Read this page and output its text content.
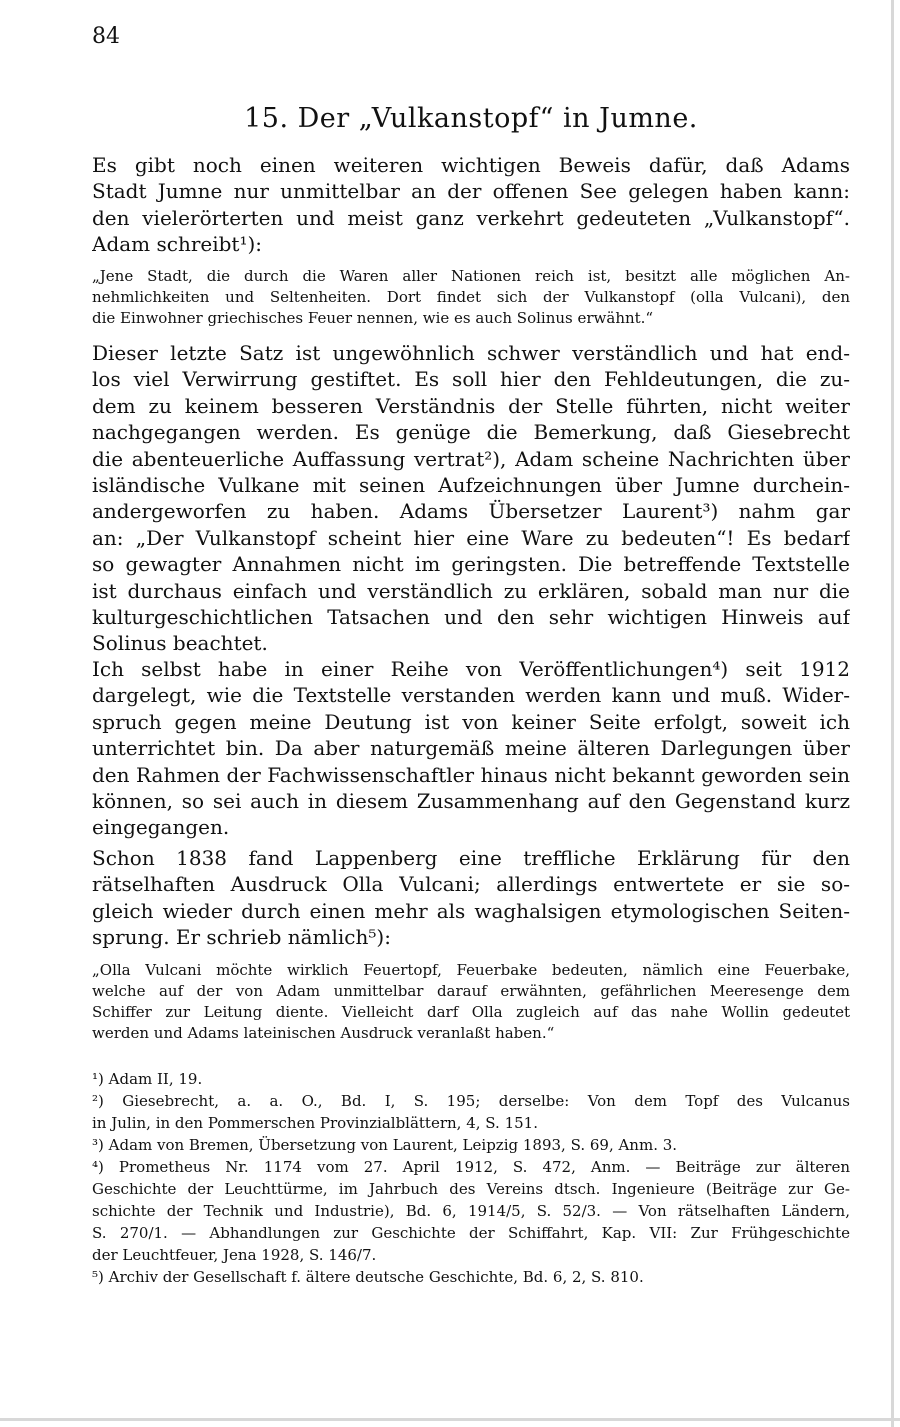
84
15. Der „Vulkanstopf“ in Jumne.
Es gibt noch einen weiteren wichtigen Beweis dafür, daß Adams
Stadt Jumne nur unmittelbar an der offenen See gelegen haben kann:
den vielerörterten und meist ganz verkehrt gedeuteten „Vulkanstopf“.
Adam schreibt¹):
„Jene Stadt, die durch die Waren aller Nationen reich ist, besitzt alle möglichen An-
nehmlichkeiten und Seltenheiten. Dort findet sich der Vulkanstopf (olla Vulcani), den
die Einwohner griechisches Feuer nennen, wie es auch Solinus erwähnt.“
Dieser letzte Satz ist ungewöhnlich schwer verständlich und hat end-
los viel Verwirrung gestiftet. Es soll hier den Fehldeutungen, die zu-
dem zu keinem besseren Verständnis der Stelle führten, nicht weiter
nachgegangen werden. Es genüge die Bemerkung, daß Giesebrecht
die abenteuerliche Auffassung vertrat²), Adam scheine Nachrichten über
isländische Vulkane mit seinen Aufzeichnungen über Jumne durchein-
andergeworfen zu haben. Adams Übersetzer Laurent³) nahm gar
an: „Der Vulkanstopf scheint hier eine Ware zu bedeuten“! Es bedarf
so gewagter Annahmen nicht im geringsten. Die betreffende Textstelle
ist durchaus einfach und verständlich zu erklären, sobald man nur die
kulturgeschichtlichen Tatsachen und den sehr wichtigen Hinweis auf
Solinus beachtet.
Ich selbst habe in einer Reihe von Veröffentlichungen⁴) seit 1912
dargelegt, wie die Textstelle verstanden werden kann und muß. Wider-
spruch gegen meine Deutung ist von keiner Seite erfolgt, soweit ich
unterrichtet bin. Da aber naturgemäß meine älteren Darlegungen über
den Rahmen der Fachwissenschaftler hinaus nicht bekannt geworden sein
können, so sei auch in diesem Zusammenhang auf den Gegenstand kurz
eingegangen.
Schon 1838 fand Lappenberg eine treffliche Erklärung für den
rätselhaften Ausdruck Olla Vulcani; allerdings entwertete er sie so-
gleich wieder durch einen mehr als waghalsigen etymologischen Seiten-
sprung. Er schrieb nämlich⁵):
„Olla Vulcani möchte wirklich Feuertopf, Feuerbake bedeuten, nämlich eine Feuerbake,
welche auf der von Adam unmittelbar darauf erwähnten, gefährlichen Meeresenge dem
Schiffer zur Leitung diente. Vielleicht darf Olla zugleich auf das nahe Wollin gedeutet
werden und Adams lateinischen Ausdruck veranlaßt haben.“
¹) Adam II, 19.
²) Giesebrecht, a. a. O., Bd. I, S. 195; derselbe: Von dem Topf des Vulcanus
in Julin, in den Pommerschen Provinzialblättern, 4, S. 151.
³) Adam von Bremen, Übersetzung von Laurent, Leipzig 1893, S. 69, Anm. 3.
⁴) Prometheus Nr. 1174 vom 27. April 1912, S. 472, Anm. — Beiträge zur älteren
Geschichte der Leuchttürme, im Jahrbuch des Vereins dtsch. Ingenieure (Beiträge zur Ge-
schichte der Technik und Industrie), Bd. 6, 1914/5, S. 52/3. — Von rätselhaften Ländern,
S. 270/1. — Abhandlungen zur Geschichte der Schiffahrt, Kap. VII: Zur Frühgeschichte
der Leuchtfeuer, Jena 1928, S. 146/7.
⁵) Archiv der Gesellschaft f. ältere deutsche Geschichte, Bd. 6, 2, S. 810.
